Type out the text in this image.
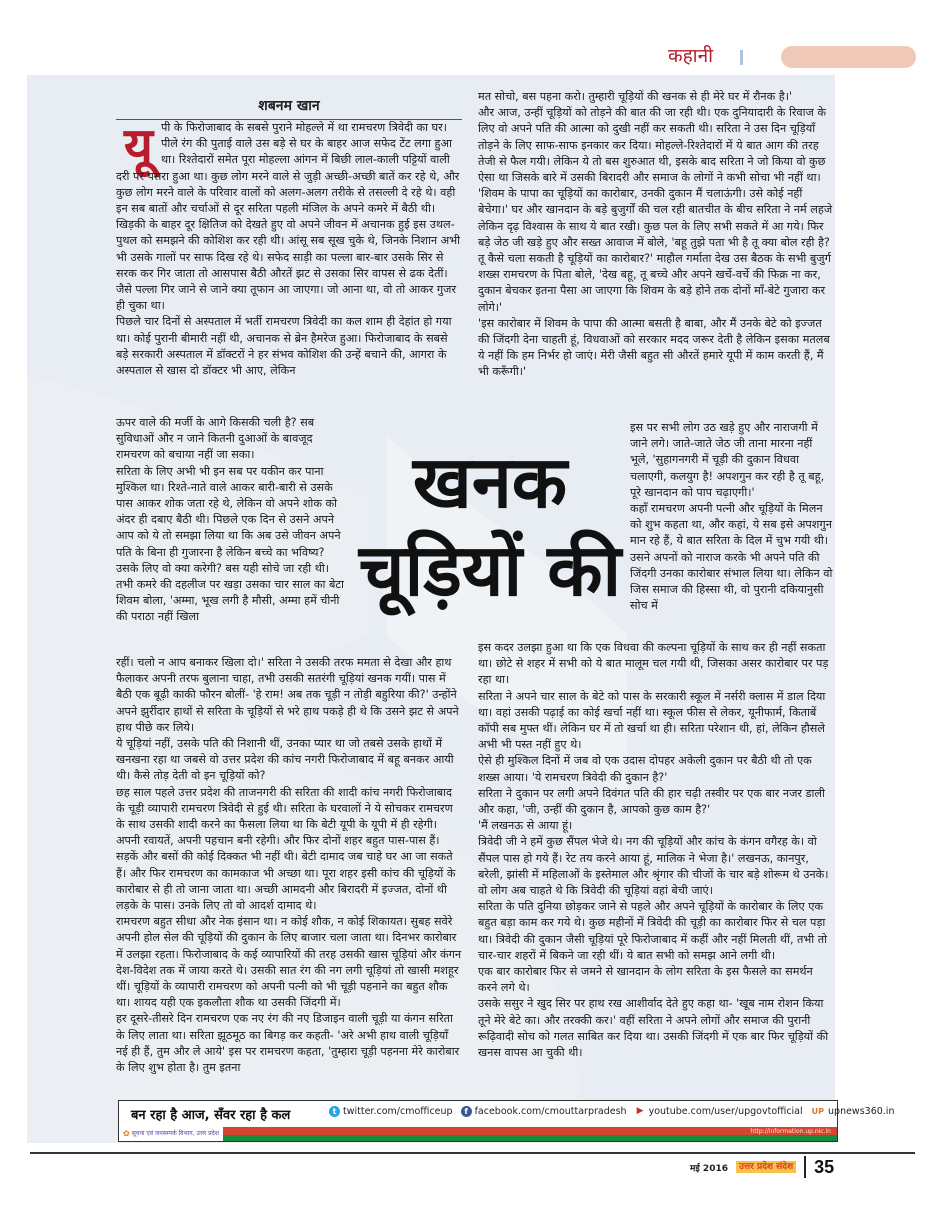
कहानी
शबनम खान
यू पी के फिरोजाबाद के सबसे पुराने मोहल्ले में था रामचरण त्रिवेदी का घर। पीले रंग की पुताई वाले उस बड़े से घर के बाहर आज सफेद टेंट लगा हुआ था। रिश्तेदारों समेत पूरा मोहल्ला आंगन में बिछी लाल-काली पट्टियों वाली दरी पर पसरा हुआ था। कुछ लोग मरने वाले से जुड़ी अच्छी-अच्छी बातें कर रहे थे, और कुछ लोग मरने वाले के परिवार वालों को अलग-अलग तरीके से तसल्ली दे रहे थे। वही इन सब बातों और चर्चाओं से दूर सरिता पहली मंजिल के अपने कमरे में बैठी थी।

खिड़की के बाहर दूर क्षितिज को देखते हुए वो अपने जीवन में अचानक हुई इस उथल-पुथल को समझने की कोशिश कर रही थी। आंसू सब सूख चुके थे, जिनके निशान अभी भी उसके गालों पर साफ दिख रहे थे। सफेद साड़ी का पल्ला बार-बार उसके सिर से सरक कर गिर जाता तो आसपास बैठी औरतें झट से उसका सिर वापस से ढक देतीं। जैसे पल्ला गिर जाने से जाने क्या तूफान आ जाएगा। जो आना था, वो तो आकर गुजर ही चुका था।

पिछले चार दिनों से अस्पताल में भर्ती रामचरण त्रिवेदी का कल शाम ही देहांत हो गया था। कोई पुरानी बीमारी नहीं थी, अचानक से ब्रेन हैमरेज हुआ। फिरोजाबाद के सबसे बड़े सरकारी अस्पताल में डॉक्टरों ने हर संभव कोशिश की उन्हें बचाने की, आगरा के अस्पताल से खास दो डॉक्टर भी आए, लेकिन

ऊपर वाले की मर्जी के आगे किसकी चली है? सब सुविधाओं और न जाने कितनी दुआओं के बावजूद रामचरण को बचाया नहीं जा सका।

सरिता के लिए अभी भी इन सब पर यकीन कर पाना मुश्किल था। रिश्ते-नाते वाले आकर बारी-बारी से उसके पास आकर शोक जता रहे थे, लेकिन वो अपने शोक को अंदर ही दबाए बैठी थी। पिछले एक दिन से उसने अपने आप को ये तो समझा लिया था कि अब उसे जीवन अपने पति के बिना ही गुजारना है लेकिन बच्चे का भविष्य? उसके लिए वो क्या करेगी? बस यही सोचे जा रही थी।

तभी कमरे की दहलीज पर खड़ा उसका चार साल का बेटा शिवम बोला, 'अम्मा, भूख लगी है मौसी, अम्मा हमें चीनी की पराठा नहीं खिला

रहीं। चलो न आप बनाकर खिला दो।' सरिता ने उसकी तरफ ममता से देखा और हाथ फैलाकर अपनी तरफ बुलाना चाहा, तभी उसकी सतरंगी चूड़ियां खनक गयीं। पास में बैठी एक बूढ़ी काकी फौरन बोलीं- 'हे राम! अब तक चूड़ी न तोड़ी बहुरिया की?' उन्होंने अपने झुर्रीदार हाथों से सरिता के चूड़ियों से भरे हाथ पकड़े ही थे कि उसने झट से अपने हाथ पीछे कर लिये।

ये चूड़ियां नहीं, उसके पति की निशानी थीं, उनका प्यार था जो तबसे उसके हाथों में खनखना रहा था जबसे वो उत्तर प्रदेश की कांच नगरी फिरोजाबाद में बहू बनकर आयी थी। कैसे तोड़ देती वो इन चूड़ियों को?

छह साल पहले उत्तर प्रदेश की ताजनगरी की सरिता की शादी कांच नगरी फिरोजाबाद के चूड़ी व्यापारी रामचरण त्रिवेदी से हुई थी। सरिता के घरवालों ने ये सोचकर रामचरण के साथ उसकी शादी करने का फैसला लिया था कि बेटी यूपी के यूपी में ही रहेगी। अपनी रवायतें, अपनी पहचान बनी रहेगी। और फिर दोनों शहर बहुत पास-पास हैं। सड़कें और बसों की कोई दिक्कत भी नहीं थी। बेटी दामाद जब चाहे घर आ जा सकते हैं। और फिर रामचरण का कामकाज भी अच्छा था। पूरा शहर इसी कांच की चूड़ियों के कारोबार से ही तो जाना जाता था। अच्छी आमदनी और बिरादरी में इज्जत, दोनों थी लड़के के पास। उनके लिए तो वो आदर्श दामाद थे।

रामचरण बहुत सीधा और नेक इंसान था। न कोई शौक, न कोई शिकायत। सुबह सवेरे अपनी होल सेल की चूड़ियों की दुकान के लिए बाजार चला जाता था। दिनभर कारोबार में उलझा रहता। फिरोजाबाद के कई व्यापारियों की तरह उसकी खास चूड़ियां और कंगन देश-विदेश तक में जाया करते थे। उसकी सात रंग की नग लगी चूड़ियां तो खासी मशहूर थीं। चूड़ियों के व्यापारी रामचरण को अपनी पत्नी को भी चूड़ी पहनाने का बहुत शौक था। शायद यही एक इकलौता शौक था उसकी जिंदगी में।

हर दूसरे-तीसरे दिन रामचरण एक नए रंग की नए डिजाइन वाली चूड़ी या कंगन सरिता के लिए लाता था। सरिता झूठमूठ का बिगड़ कर कहती- 'अरे अभी हाथ वाली चूड़ियाँ नई ही हैं, तुम और ले आये' इस पर रामचरण कहता, 'तुम्हारा चूड़ी पहनना मेरे कारोबार के लिए शुभ होता है। तुम इतना

खनक
चूड़ियों की

मत सोचो, बस पहना करो। तुम्हारी चूड़ियों की खनक से ही मेरे घर में रौनक है।'

और आज, उन्हीं चूड़ियों को तोड़ने की बात की जा रही थी। एक दुनियादारी के रिवाज के लिए वो अपने पति की आत्मा को दुखी नहीं कर सकती थी। सरिता ने उस दिन चूड़ियाँ तोड़ने के लिए साफ-साफ इनकार कर दिया। मोहल्ले-रिश्तेदारों में ये बात आग की तरह तेजी से फैल गयी। लेकिन ये तो बस शुरुआत थी, इसके बाद सरिता ने जो किया वो कुछ ऐसा था जिसके बारे में उसकी बिरादरी और समाज के लोगों ने कभी सोचा भी नहीं था।

'शिवम के पापा का चूड़ियों का कारोबार, उनकी दुकान मैं चलाऊंगी। उसे कोई नहीं बेचेगा।' घर और खानदान के बड़े बुजुर्गों की चल रही बातचीत के बीच सरिता ने नर्म लहजे लेकिन दृढ़ विश्वास के साथ ये बात रखी। कुछ पल के लिए सभी सकते में आ गये। फिर बड़े जेठ जी खड़े हुए और सख्त आवाज में बोले, 'बहू तुझे पता भी है तू क्या बोल रही है? तू कैसे चला सकती है चूड़ियों का कारोबार?' माहौल गर्माता देख उस बैठक के सभी बुजुर्ग शख्स रामचरण के पिता बोले, 'देख बहू, तू बच्चे और अपने खर्चे-वर्चे की फिक्र ना कर, दुकान बेचकर इतना पैसा आ जाएगा कि शिवम के बड़े होने तक दोनों माँ-बेटे गुजारा कर लोगे।'

'इस कारोबार में शिवम के पापा की आत्मा बसती है बाबा, और मैं उनके बेटे को इज्जत की जिंदगी देना चाहती हूं, विधवाओं को सरकार मदद जरूर देती है लेकिन इसका मतलब ये नहीं कि हम निर्भर हो जाएं। मेरी जैसी बहुत सी औरतें हमारे यूपी में काम करती हैं, मैं भी करूँगी।'

इस पर सभी लोग उठ खड़े हुए और नाराजगी में जाने लगे। जाते-जाते जेठ जी ताना मारना नहीं भूले, 'सुहागनगरी में चूड़ी की दुकान विधवा चलाएगी, कलयुग है! अपशगुन कर रही है तू बहू, पूरे खानदान को पाप चढ़ाएगी।'

कहाँ रामचरण अपनी पत्नी और चूड़ियों के मिलन को शुभ कहता था, और कहां, ये सब इसे अपशगुन मान रहे हैं, ये बात सरिता के दिल में चुभ गयी थी।

उसने अपनों को नाराज करके भी अपने पति की जिंदगी उनका कारोबार संभाल लिया था। लेकिन वो जिस समाज की हिस्सा थी, वो पुरानी दकियानुसी सोच में

इस कदर उलझा हुआ था कि एक विधवा की कल्पना चूड़ियों के साथ कर ही नहीं सकता था। छोटे से शहर में सभी को ये बात मालूम चल गयी थी, जिसका असर कारोबार पर पड़ रहा था।

सरिता ने अपने चार साल के बेटे को पास के सरकारी स्कूल में नर्सरी क्लास में डाल दिया था। वहां उसकी पढ़ाई का कोई खर्चा नहीं था। स्कूल फीस से लेकर, यूनीफार्म, किताबें कॉपी सब मुफ्त थीं। लेकिन घर में तो खर्चा था ही। सरिता परेशान थी, हां, लेकिन हौसले अभी भी पस्त नहीं हुए थे।

ऐसे ही मुश्किल दिनों में जब वो एक उदास दोपहर अकेली दुकान पर बैठी थी तो एक शख्स आया। 'ये रामचरण त्रिवेदी की दुकान है?'

सरिता ने दुकान पर लगी अपने दिवंगत पति की हार चढ़ी तस्वीर पर एक बार नजर डाली और कहा, 'जी, उन्हीं की दुकान है, आपको कुछ काम है?'

'मैं लखनऊ से आया हूं।

त्रिवेदी जी ने हमें कुछ सैंपल भेजे थे। नग की चूड़ियों और कांच के कंगन वगैरह के। वो सैंपल पास हो गये हैं। रेट तय करने आया हूं, मालिक ने भेजा है।' लखनऊ, कानपुर, बरेली, झांसी में महिलाओं के इस्तेमाल और श्रृंगार की चीजों के चार बड़े शोरूम थे उनके। वो लोग अब चाहते थे कि त्रिवेदी की चूड़ियां वहां बेची जाएं।

सरिता के पति दुनिया छोड़कर जाने से पहले और अपने चूड़ियों के कारोबार के लिए एक बहुत बड़ा काम कर गये थे। कुछ महीनों में त्रिवेदी की चूड़ी का कारोबार फिर से चल पड़ा था। त्रिवेदी की दुकान जैसी चूड़ियां पूरे फिरोजाबाद में कहीं और नहीं मिलती थीं, तभी तो चार-चार शहरों में बिकने जा रही थीं। ये बात सभी को समझ आने लगी थी।

एक बार कारोबार फिर से जमने से खानदान के लोग सरिता के इस फैसले का समर्थन करने लगे थे।

उसके ससुर ने खुद सिर पर हाथ रख आशीर्वाद देते हुए कहा था- 'खूब नाम रोशन किया तूने मेरे बेटे का। और तरक्की कर।' वहीं सरिता ने अपने लोगों और समाज की पुरानी रूढ़िवादी सोच को गलत साबित कर दिया था। उसकी जिंदगी में एक बार फिर चूड़ियों की खनस वापस आ चुकी थी।

बन रहा है आज, सँवर रहा है कल	t twitter.com/cmofficeup	f facebook.com/cmouttarpradesh ▶ youtube.com/user/upgovtofficial UP upnews360.in
✿ सूचना एवं जनसम्पर्क विभाग, उत्तर प्रदेश	http://information.up.nic.in
मई 2016	उत्तर प्रदेश संदेश 35
